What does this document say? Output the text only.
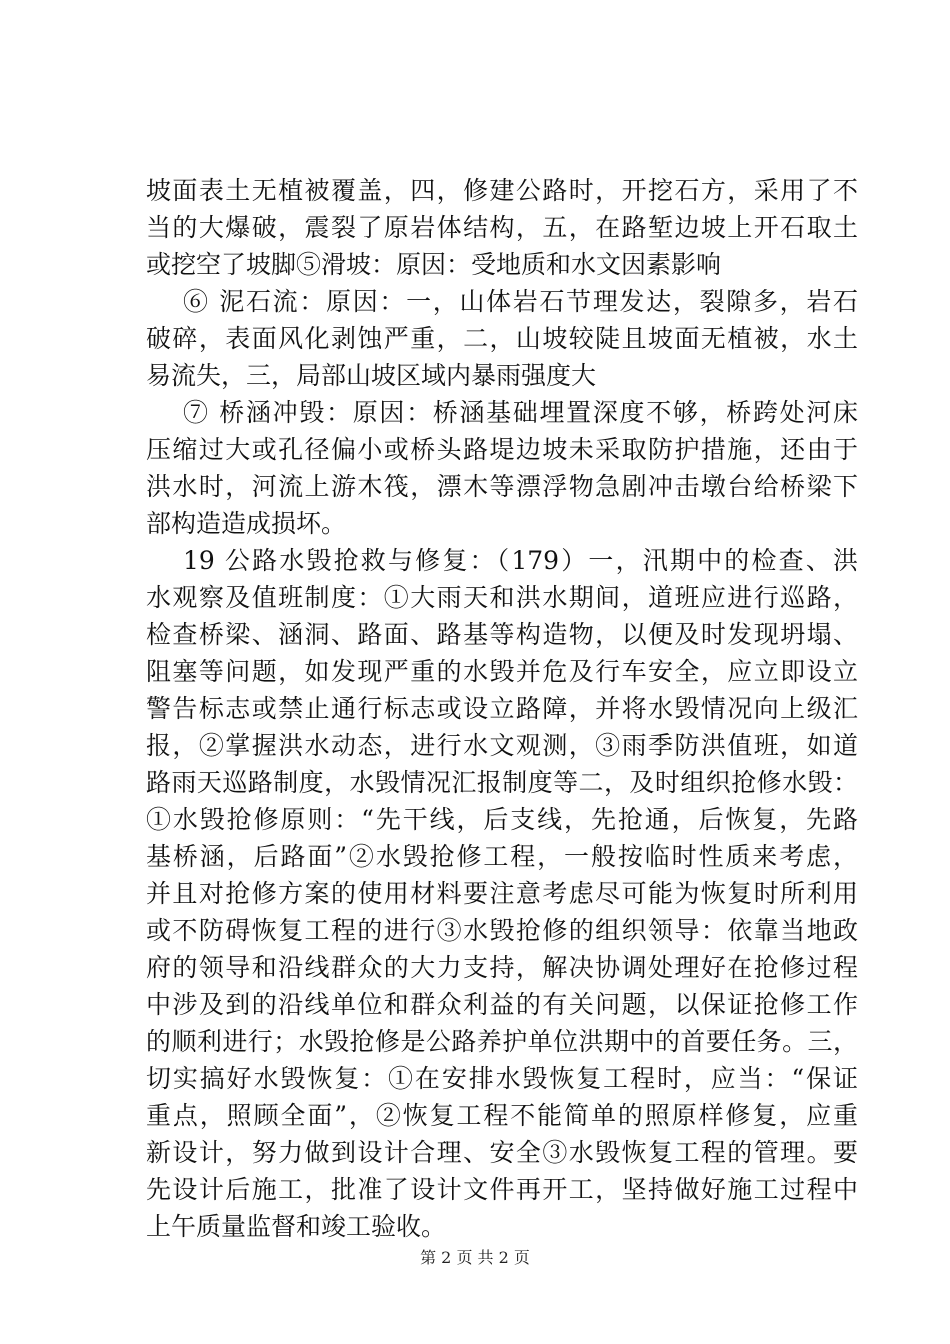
坡面表土无植被覆盖，四，修建公路时，开挖石方，采用了不
当的大爆破，震裂了原岩体结构，五，在路堑边坡上开石取土
或挖空了坡脚⑤滑坡：原因：受地质和水文因素影响
⑥ 泥石流：原因：一，山体岩石节理发达，裂隙多，岩石
破碎，表面风化剥蚀严重，二，山坡较陡且坡面无植被，水土
易流失，三，局部山坡区域内暴雨强度大
⑦ 桥涵冲毁：原因：桥涵基础埋置深度不够，桥跨处河床
压缩过大或孔径偏小或桥头路堤边坡未采取防护措施，还由于
洪水时，河流上游木筏，漂木等漂浮物急剧冲击墩台给桥梁下
部构造造成损坏。
19 公路水毁抢救与修复：（179）一，汛期中的检查、洪
水观察及值班制度：①大雨天和洪水期间，道班应进行巡路，
检查桥梁、涵洞、路面、路基等构造物，以便及时发现坍塌、
阻塞等问题，如发现严重的水毁并危及行车安全，应立即设立
警告标志或禁止通行标志或设立路障，并将水毁情况向上级汇
报，②掌握洪水动态，进行水文观测，③雨季防洪值班，如道
路雨天巡路制度，水毁情况汇报制度等二，及时组织抢修水毁：
①水毁抢修原则：“先干线，后支线，先抢通，后恢复，先路
基桥涵，后路面”②水毁抢修工程，一般按临时性质来考虑，
并且对抢修方案的使用材料要注意考虑尽可能为恢复时所利用
或不防碍恢复工程的进行③水毁抢修的组织领导：依靠当地政
府的领导和沿线群众的大力支持，解决协调处理好在抢修过程
中涉及到的沿线单位和群众利益的有关问题，以保证抢修工作
的顺利进行；水毁抢修是公路养护单位洪期中的首要任务。三，
切实搞好水毁恢复：①在安排水毁恢复工程时，应当：“保证
重点，照顾全面”，②恢复工程不能简单的照原样修复，应重
新设计，努力做到设计合理、安全③水毁恢复工程的管理。要
先设计后施工，批准了设计文件再开工，坚持做好施工过程中
上午质量监督和竣工验收。
第 2 页 共 2 页
